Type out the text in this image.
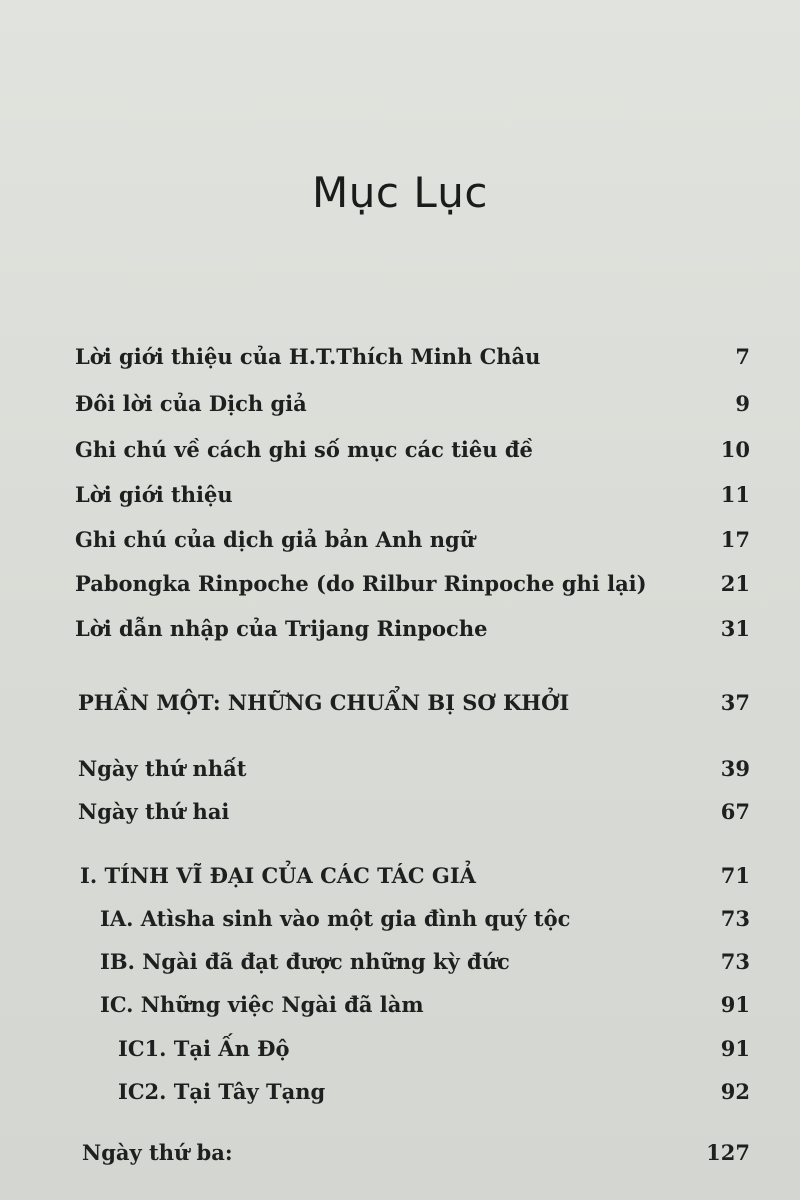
Mục Lục
Lời giới thiệu của H.T.Thích Minh Châu	7
Đôi lời của Dịch giả	9
Ghi chú về cách ghi số mục các tiêu đề	10
Lời giới thiệu	11
Ghi chú của dịch giả bản Anh ngữ	17
Pabongka Rinpoche (do Rilbur Rinpoche ghi lại)	21
Lời dẫn nhập của Trijang Rinpoche	31
PHẦN MỘT: NHỮNG CHUẨN BỊ SƠ KHỞI	37
Ngày thứ nhất	39
Ngày thứ hai	67
I. TÍNH VĨ ĐẠI CỦA CÁC TÁC GIẢ	71
IA. Atìsha sinh vào một gia đình quý tộc	73
IB. Ngài đã đạt được những kỳ đức	73
IC. Những việc Ngài đã làm	91
IC1. Tại Ấn Độ	91
IC2. Tại Tây Tạng	92
Ngày thứ ba:	127
